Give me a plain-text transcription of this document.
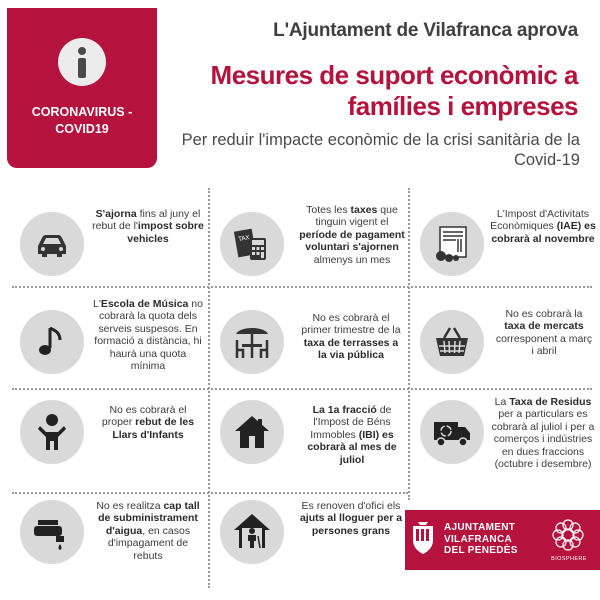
CORONAVIRUS - COVID19
L'Ajuntament de Vilafranca aprova
Mesures de suport econòmic a famílies i empreses
Per reduir l'impacte econòmic de la crisi sanitària de la Covid-19
S'ajorna fins al juny el rebut de l'impost sobre vehicles	TAX
Totes les taxes que tinguin vigent el període de pagament voluntari s'ajornen almenys un mes
L'Impost d'Activitats Econòmiques (IAE) es cobrarà al novembre
L'Escola de Música no cobrarà la quota dels serveis suspesos. En formació a distància, hi haurà una quota mínima
No es cobrarà el primer trimestre de la taxa de terrasses a la via pública
No es cobrarà la taxa de mercats corresponent a març i abril
No es cobrarà el proper rebut de les Llars d'Infants
La 1a fracció de l'Impost de Béns Immobles (IBI) es cobrarà al mes de juliol
La Taxa de Residus per a particulars es cobrarà al juliol i per a comerços i indústries en dues fraccions (octubre i desembre)
No es realitza cap tall de subministrament d'aigua, en casos d'impagament de rebuts
Es renoven d'ofici els ajuts al lloguer per a persones grans	AJUNTAMENT
VILAFRANCA
DEL PENEDÈS
BIOSPHERE
